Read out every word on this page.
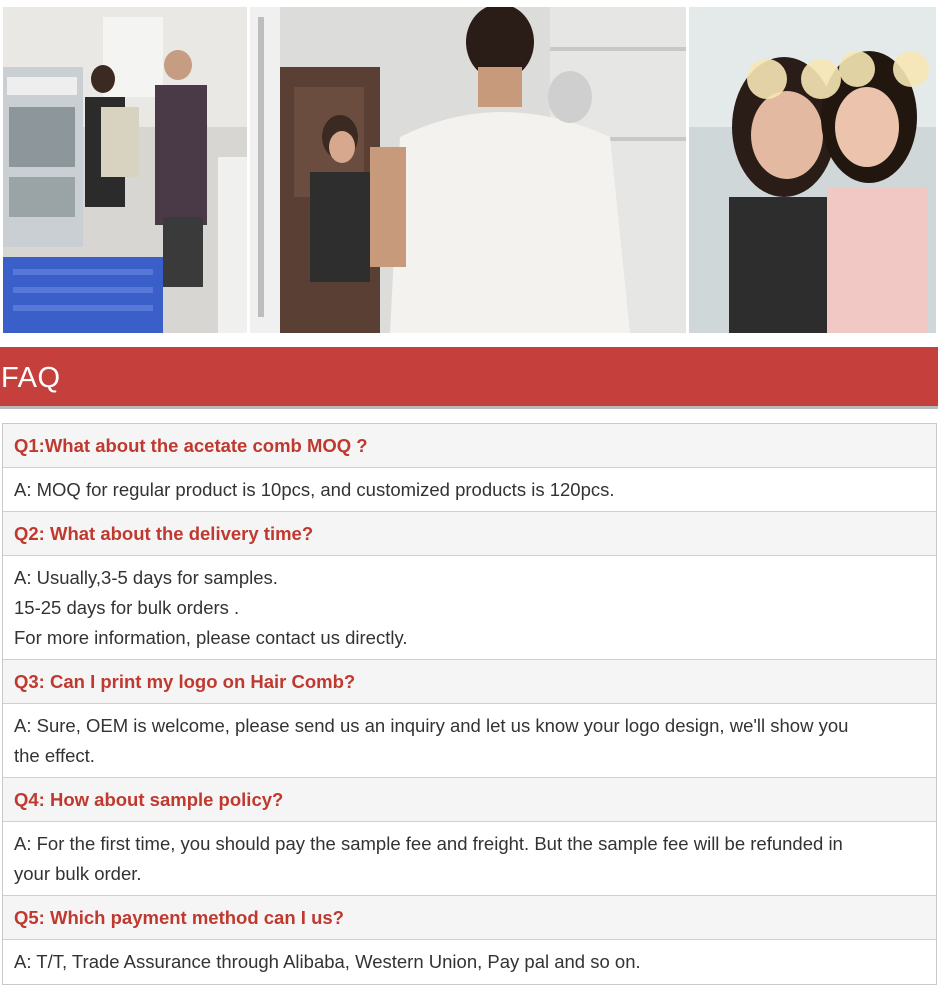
FAQ
Q1:What about the acetate comb MOQ ?
A: MOQ for regular product is 10pcs, and customized products is 120pcs.
Q2: What about the delivery time?
A: Usually,3-5 days for samples.
15-25 days for bulk orders .
For more information, please contact us directly.
Q3: Can I print my logo on Hair Comb?
A: Sure, OEM is welcome, please send us an inquiry and let us know your logo design, we'll show you
the effect.
Q4: How about sample policy?
A: For the first time, you should pay the sample fee and freight. But the sample fee will be refunded in
your bulk order.
Q5: Which payment method can I us?
A: T/T, Trade Assurance through Alibaba, Western Union, Pay pal and so on.
